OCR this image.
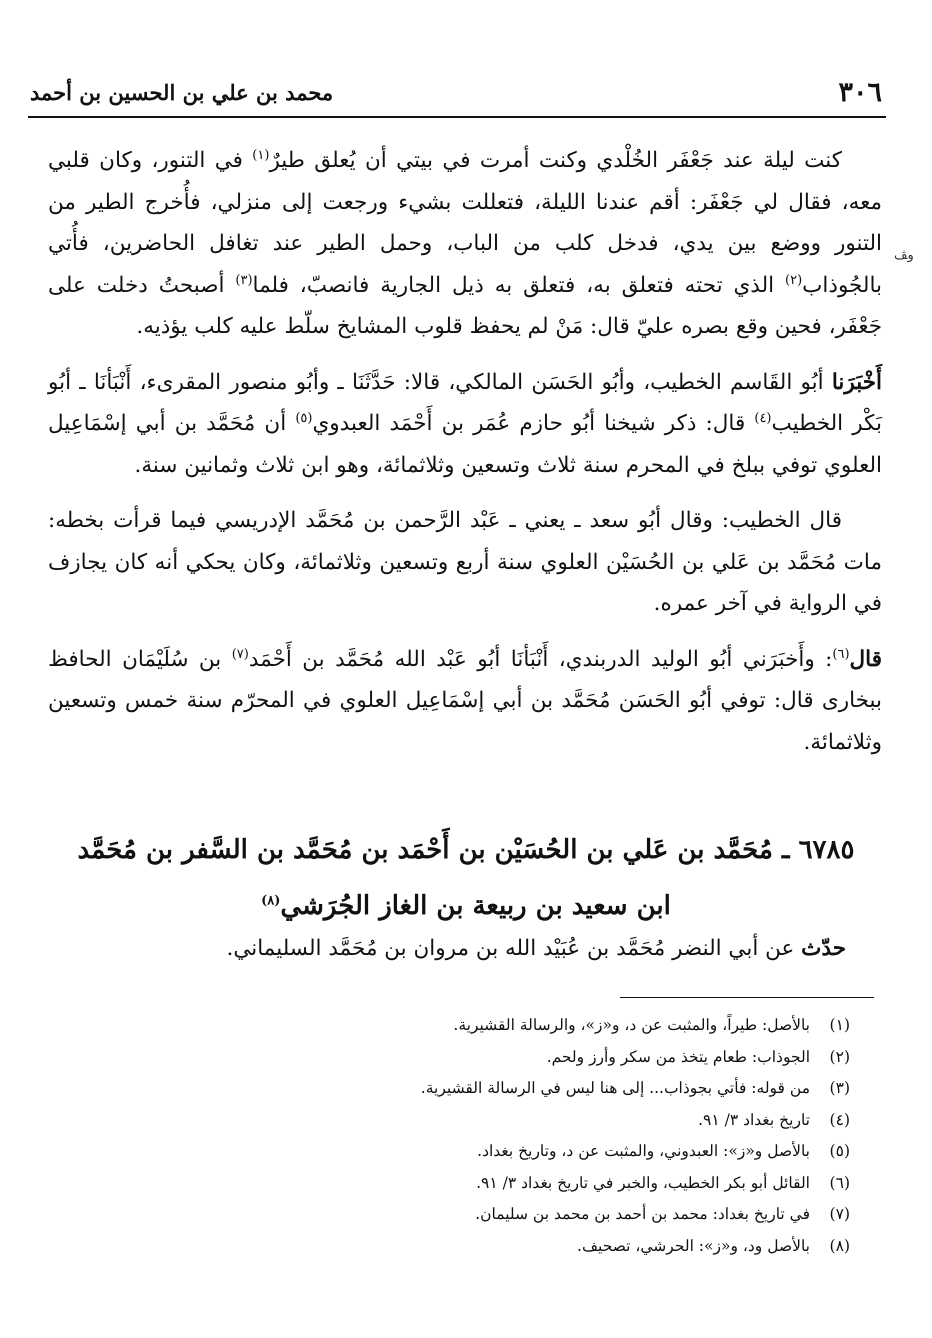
٣٠٦
محمد بن علي بن الحسين بن أحمد
ﻭ‍ﭫ

كنت ليلة عند جَعْفَر الخُلْدي وكنت أمرت في بيتي أن يُعلق طيرٌ$^{(١)}$ في التنور، وكان قلبي معه، فقال لي جَعْفَر: أقم عندنا الليلة، فتعللت بشيء ورجعت إلى منزلي، فأُخرج الطير من التنور ووضع بين يدي، فدخل كلب من الباب، وحمل الطير عند تغافل الحاضرين، فأُتي بالجُوذاب$^{(٢)}$ الذي تحته فتعلق به، فتعلق به ذيل الجارية فانصبّ، فلما$^{(٣)}$ أصبحتُ دخلت على جَعْفَر، فحين وقع بصره عليّ قال: مَنْ لم يحفظ قلوب المشايخ سلّط عليه كلب يؤذيه.

أَخْبَرَنا أبُو القَاسم الخطيب، وأبُو الحَسَن المالكي، قالا: حَدَّثَنَا ـ وأبُو منصور المقرىء، أَنْبَأنَا ـ أبُو بَكْر الخطيب$^{(٤)}$ قال: ذكر شيخنا أبُو حازم عُمَر بن أَحْمَد العبدوي$^{(٥)}$ أن مُحَمَّد بن أبي إسْمَاعِيل العلوي توفي ببلخ في المحرم سنة ثلاث وتسعين وثلاثمائة، وهو ابن ثلاث وثمانين سنة.

قال الخطيب: وقال أبُو سعد ـ يعني ـ عَبْد الرَّحمن بن مُحَمَّد الإدريسي فيما قرأت بخطه: مات مُحَمَّد بن عَلي بن الحُسَيْن العلوي سنة أربع وتسعين وثلاثمائة، وكان يحكي أنه كان يجازف في الرواية في آخر عمره.

قال$^{(٦)}$: وأَخبَرَني أبُو الوليد الدربندي، أَنْبَأنَا أبُو عَبْد الله مُحَمَّد بن أَحْمَد$^{(٧)}$ بن سُلَيْمَان الحافظ ببخارى قال: توفي أبُو الحَسَن مُحَمَّد بن أبي إسْمَاعِيل العلوي في المحرّم سنة خمس وتسعين وثلاثمائة.

٦٧٨٥ ـ مُحَمَّد بن عَلي بن الحُسَيْن بن أَحْمَد بن مُحَمَّد بن السَّفر بن مُحَمَّد
ابن سعيد بن ربيعة بن الغاز الجُرَشي$^{(٨)}$
حدّث عن أبي النضر مُحَمَّد بن عُبَيْد الله بن مروان بن مُحَمَّد السليماني.
(١)
بالأصل: طيراً، والمثبت عن د، و«ز»، والرسالة القشيرية.
(٢)
الجوذاب: طعام يتخذ من سكر وأرز ولحم.
(٣)
من قوله: فأتي بجوذاب... إلى هنا ليس في الرسالة القشيرية.
(٤)
تاريخ بغداد ٣/ ٩١.
(٥)
بالأصل و«ز»: العبدوني، والمثبت عن د، وتاريخ بغداد.
(٦)
القائل أبو بكر الخطيب، والخبر في تاريخ بغداد ٣/ ٩١.
(٧)
في تاريخ بغداد: محمد بن أحمد بن محمد بن سليمان.
(٨)
بالأصل ود، و«ز»: الحرشي، تصحيف.
